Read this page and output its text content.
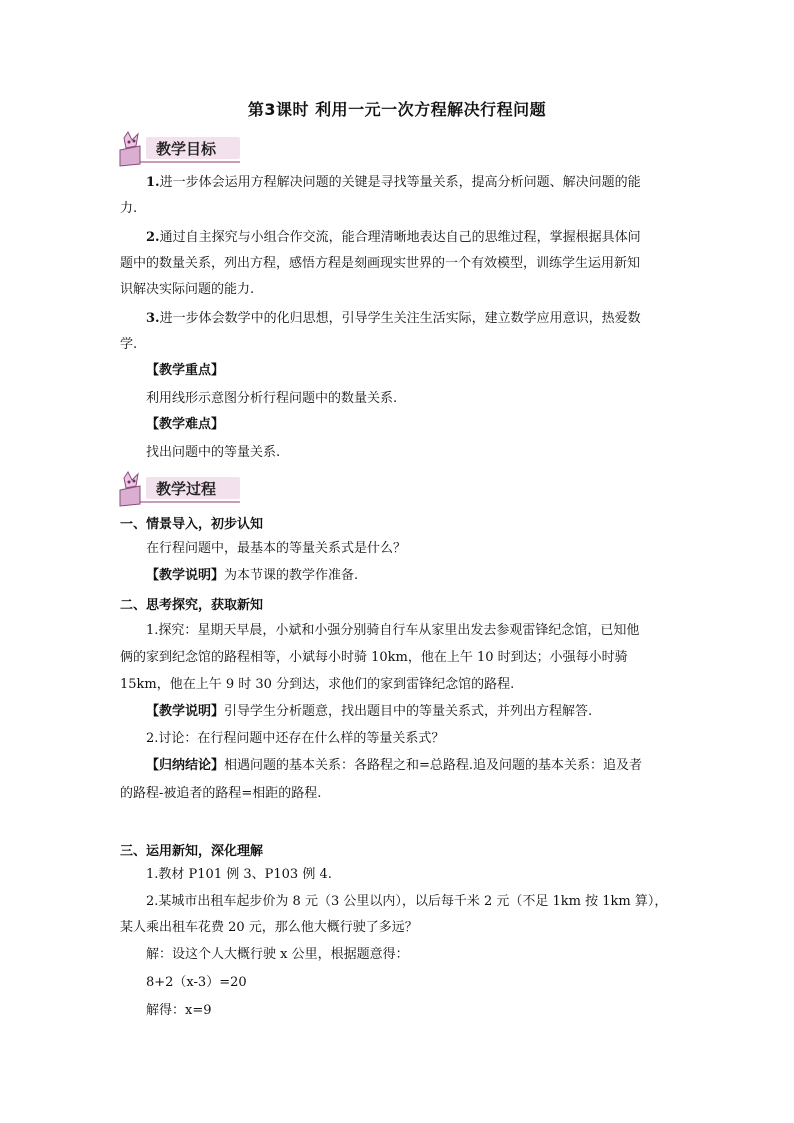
第3课时 利用一元一次方程解决行程问题
教学目标
1.进一步体会运用方程解决问题的关键是寻找等量关系，提高分析问题、解决问题的能
力.
2.通过自主探究与小组合作交流，能合理清晰地表达自己的思维过程，掌握根据具体问
题中的数量关系，列出方程，感悟方程是刻画现实世界的一个有效模型，训练学生运用新知
识解决实际问题的能力.
3.进一步体会数学中的化归思想，引导学生关注生活实际，建立数学应用意识，热爱数
学.
【教学重点】
利用线形示意图分析行程问题中的数量关系.
【教学难点】
找出问题中的等量关系.
教学过程
一、情景导入，初步认知
在行程问题中，最基本的等量关系式是什么？
【教学说明】为本节课的教学作准备.
二、思考探究，获取新知
1.探究：星期天早晨，小斌和小强分别骑自行车从家里出发去参观雷锋纪念馆，已知他
俩的家到纪念馆的路程相等，小斌每小时骑 10km，他在上午 10 时到达；小强每小时骑
15km，他在上午 9 时 30 分到达，求他们的家到雷锋纪念馆的路程.
【教学说明】引导学生分析题意，找出题目中的等量关系式，并列出方程解答.
2.讨论：在行程问题中还存在什么样的等量关系式？
【归纳结论】相遇问题的基本关系：各路程之和=总路程.追及问题的基本关系：追及者
的路程-被追者的路程=相距的路程.
三、运用新知，深化理解
1.教材 P101 例 3、P103 例 4.
2.某城市出租车起步价为 8 元（3 公里以内），以后每千米 2 元（不足 1km 按 1km 算），
某人乘出租车花费 20 元，那么他大概行驶了多远？
解：设这个人大概行驶 x 公里，根据题意得：
8+2（x-3）=20
解得：x=9
